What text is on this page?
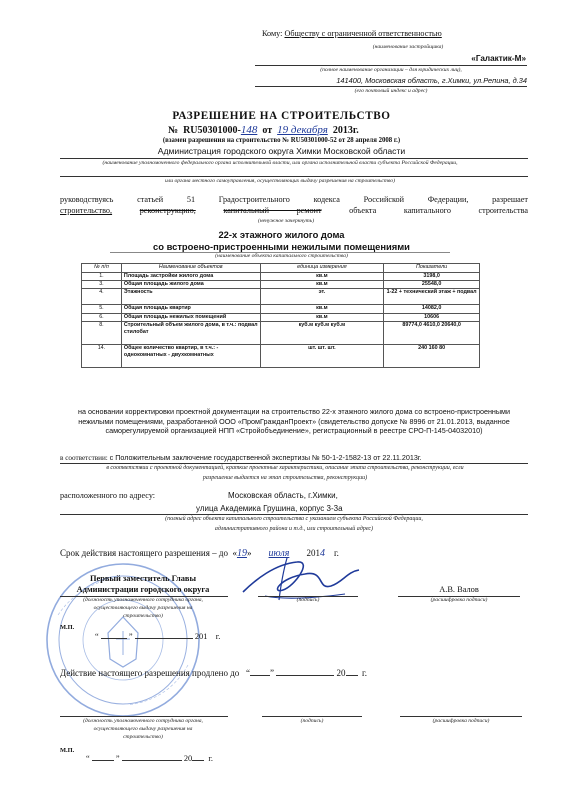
Кому: Обществу с ограниченной ответственностью
(наименование застройщика)
«Галактик-М»
(полное наименование организации – для юридических лиц),
141400, Московская область, г.Химки, ул.Репина, д.34
(его почтовый индекс и адрес)
РАЗРЕШЕНИЕ НА СТРОИТЕЛЬСТВО
№ RU50301000-148 от 19 декабря 2013г.
(взамен разрешения на строительство № RU50301000-52 от 28 апреля 2008 г.)
Администрация городского округа Химки Московской области
(наименование уполномоченного федерального органа исполнительной власти, или органа исполнительной власти субъекта Российской Федерации,
или органа местного самоуправления, осуществляющих выдачу разрешения на строительство)
руководствуясь статьей 51 Градостроительного кодекса Российской Федерации, разрешает
строительство,	реконструкцию,	капитальный ремонт	объекта капитального строительства
(ненужное зачеркнуть)
22-х этажного жилого дома
со встроено-пристроенными нежилыми помещениями
(наименование объекта капитального строительства)
№ п/п	Наименование объектов	единица измерения	Показатели
1.	Площадь застройки жилого дома	кв.м	3198,0
3.	Общая площадь жилого дома	кв.м	25548,0
4.	Этажность	эт.	1-22 + технический этаж + подвал
5.	Общая площадь квартир	кв.м	14082,0
6.	Общая площадь нежилых помещений	кв.м	10606
8.	Строительный объем жилого дома, в т.ч.: подвал стилобат	куб.м куб.м куб.м	89774,0 4610,0 20640,0
14.	Общее количество квартир, в т.ч.: - однокомнатных - двухкомнатных	шт. шт. шт.	240 160 80
на основании корректировки проектной документации на строительство 22-х этажного жилого дома со встроено-пристроенными нежилыми помещениями, разработанной ООО «ПромГражданПроект» (свидетельство допуске № 8996 от 21.01.2013, выданное саморегулируемой организацией НПП «Стройобъединение», регистрационный в реестре СРО-П-145-04032010)
в соответствии: с Положительным заключение государственной экспертизы № 50-1-2-1582-13 от 22.11.2013г.
в соответствии с проектной документацией, краткие проектные характеристики, описание этапа строительства, реконструкции, если
разрешение выдается на этап строительства, реконструкции)
расположенного по адресу:	Московская область, г.Химки,
улица Академика Грушина, корпус 3-3а
(полный адрес объекта капитального строительства с указанием субъекта Российской Федерации,
административного района и т.д., или строительный адрес)
Срок действия настоящего разрешения – до «19» июля 2014 г.
Первый заместитель Главы
Администрации городского округа
(должность уполномоченного сотрудника органа,
осуществляющего выдачу разрешения на
строительство)
(подпись)
А.В. Валов
(расшифровка подписи)
М.П.
“	”	201 г.
Действие настоящего разрешения продлено до “ ”	20 г.
(должность уполномоченного сотрудника органа,
осуществляющего выдачу разрешения на
строительство)
(подпись)	(расшифровка подписи)
М.П.
“	”	20 г.
